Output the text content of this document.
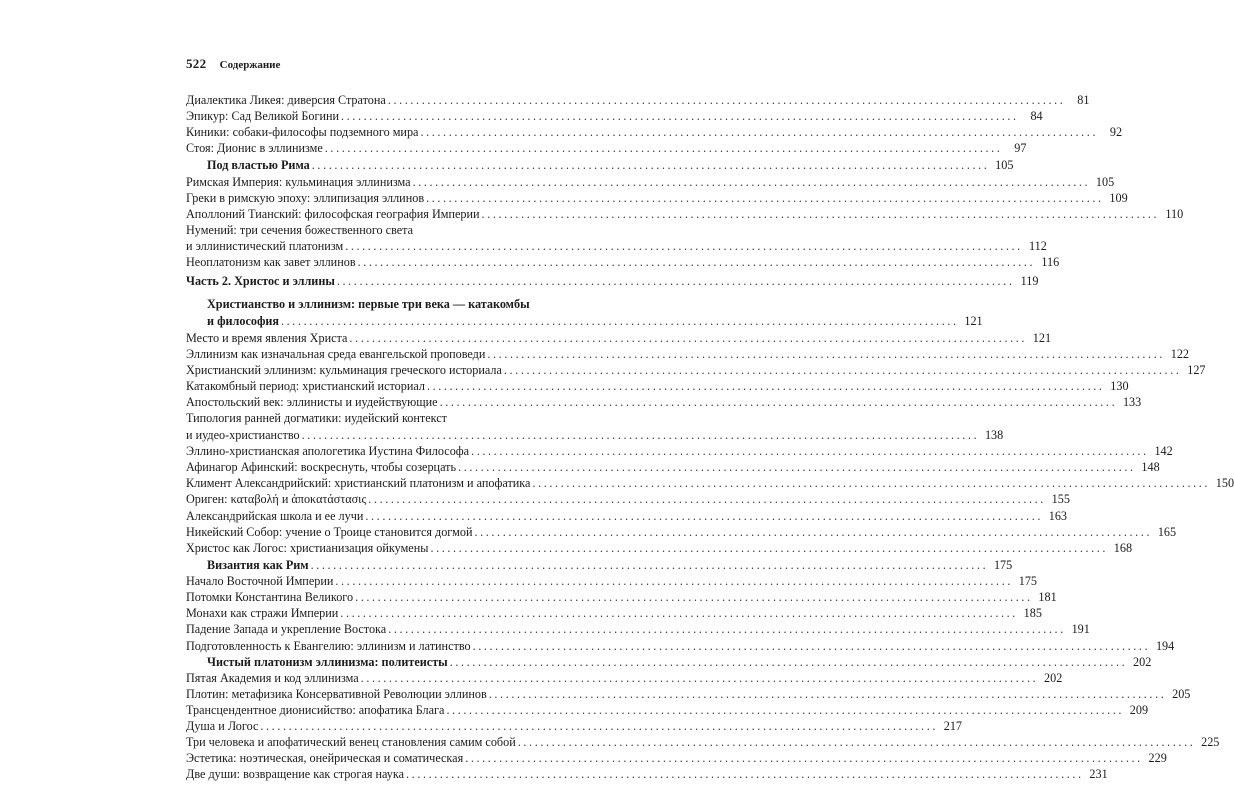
522 Содержание
Диалектика Ликея: диверсия Стратона ........................................................................................................................ 81
Эпикур: Сад Великой Богини ........................................................................................................................ 84
Киники: собаки-философы подземного мира ........................................................................................................................ 92
Стоя: Дионис в эллинизме ........................................................................................................................ 97
Под властью Рима ........................................................................................................................ 105
Римская Империя: кульминация эллинизма ........................................................................................................................ 105
Греки в римскую эпоху: эллипизация эллинов ........................................................................................................................ 109
Аполлоний Тианский: философская география Империи ........................................................................................................................ 110
Нумений: три сечения божественного света
и эллинистический платонизм ........................................................................................................................ 112
Неоплатонизм как завет эллинов ........................................................................................................................ 116
Часть 2. Христос и эллины ........................................................................................................................ 119
Христианство и эллинизм: первые три века — катакомбы
и философия ........................................................................................................................ 121
Место и время явления Христа ........................................................................................................................ 121
Эллинизм как изначальная среда евангельской проповеди ........................................................................................................................ 122
Христианский эллинизм: кульминация греческого историала ........................................................................................................................ 127
Катакомбный период: христианский историал ........................................................................................................................ 130
Апостольский век: эллинисты и иудействующие ........................................................................................................................ 133
Типология ранней догматики: иудейский контекст
и иудео-христианство ........................................................................................................................ 138
Эллино-христианская апологетика Иустина Философа ........................................................................................................................ 142
Афинагор Афинский: воскреснуть, чтобы созерцать ........................................................................................................................ 148
Климент Александрийский: христианский платонизм и апофатика ........................................................................................................................ 150
Ориген: καταβολή и ἀποκατάστασις ........................................................................................................................ 155
Александрийская школа и ее лучи ........................................................................................................................ 163
Никейский Собор: учение о Троице становится догмой ........................................................................................................................ 165
Христос как Логос: христианизация ойкумены ........................................................................................................................ 168
Византия как Рим ........................................................................................................................ 175
Начало Восточной Империи ........................................................................................................................ 175
Потомки Константина Великого ........................................................................................................................ 181
Монахи как стражи Империи ........................................................................................................................ 185
Падение Запада и укрепление Востока ........................................................................................................................ 191
Подготовленность к Евангелию: эллинизм и латинство ........................................................................................................................ 194
Чистый платонизм эллинизма: политеисты ........................................................................................................................ 202
Пятая Академия и код эллинизма ........................................................................................................................ 202
Плотин: метафизика Консервативной Революции эллинов ........................................................................................................................ 205
Трансцендентное дионисийство: апофатика Блага ........................................................................................................................ 209
Душа и Логос ........................................................................................................................ 217
Три человека и апофатический венец становления самим собой ........................................................................................................................ 225
Эстетика: ноэтическая, онейрическая и соматическая ........................................................................................................................ 229
Две души: возвращение как строгая наука ........................................................................................................................ 231
